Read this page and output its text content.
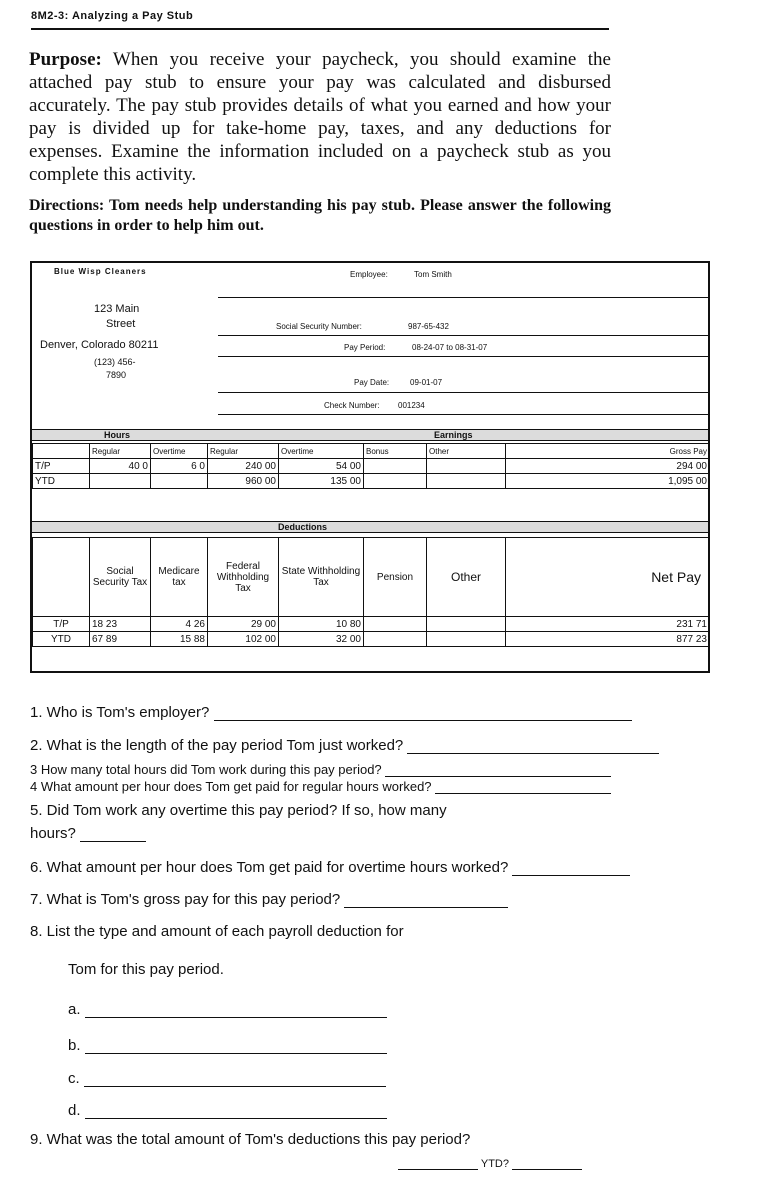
8M2-3: Analyzing a Pay Stub
Purpose: When you receive your paycheck, you should examine the attached pay stub to ensure your pay was calculated and disbursed accurately. The pay stub provides details of what you earned and how your pay is divided up for take-home pay, taxes, and any deductions for expenses. Examine the information included on a paycheck stub as you complete this activity.
Directions: Tom needs help understanding his pay stub. Please answer the following questions in order to help him out.
Blue Wisp Cleaners
123 Main
Street
Denver, Colorado 80211
(123) 456-
7890
Employee:	Tom Smith
Social Security Number:	987-65-432
Pay Period:	08-24-07 to 08-31-07
Pay Date:	09-01-07
Check Number: 001234
Hours	Earnings
	Regular	Overtime	Regular	Overtime	Bonus	Other	Gross Pay
T/P	40 0	6 0	240 00	54 00			294 00
YTD			960 00	135 00			1,095 00
Deductions
	Social Security Tax	Medicare tax	Federal Withholding Tax	State Withholding Tax	Pension	Other	Net Pay
T/P	18 23	4 26	29 00	10 80			231 71
YTD	67 89	15 88	102 00	32 00			877 23
1. Who is Tom's employer?
2. What is the length of the pay period Tom just worked?
3 How many total hours did Tom work during this pay period?
4 What amount per hour does Tom get paid for regular hours worked?
5. Did Tom work any overtime this pay period? If so, how many
hours?
6. What amount per hour does Tom get paid for overtime hours worked?
7. What is Tom's gross pay for this pay period?
8. List the type and amount of each payroll deduction for
Tom for this pay period.
a.
b.
c.
d.
9. What was the total amount of Tom's deductions this pay period?
YTD?
